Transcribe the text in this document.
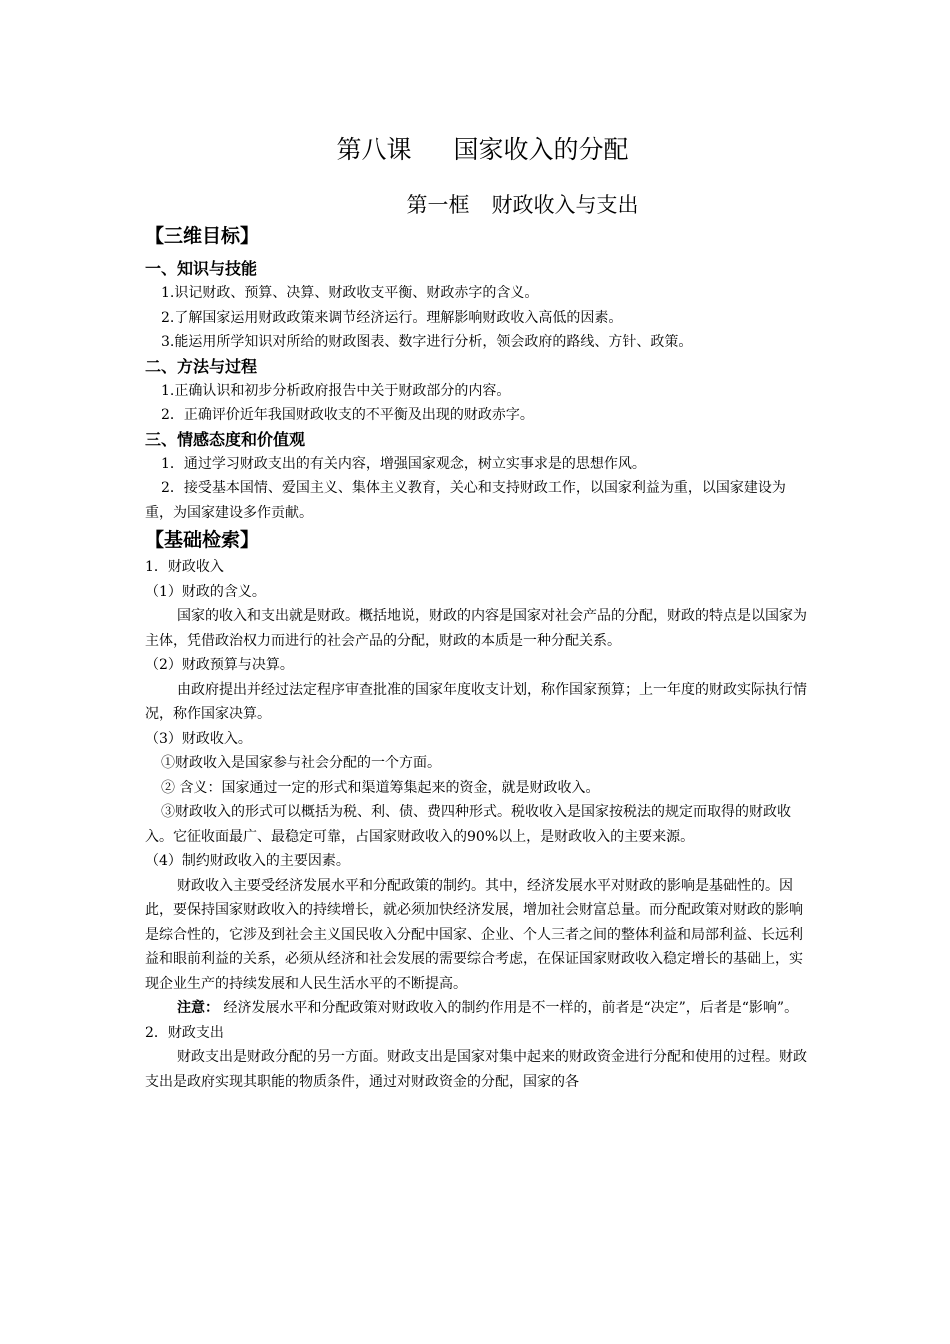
第八课 国家收入的分配
第一框 财政收入与支出
【三维目标】
一、知识与技能

1.识记财政、预算、决算、财政收支平衡、财政赤字的含义。

2.了解国家运用财政政策来调节经济运行。理解影响财政收入高低的因素。

3.能运用所学知识对所给的财政图表、数字进行分析，领会政府的路线、方针、政策。

二、方法与过程

1.正确认识和初步分析政府报告中关于财政部分的内容。

2．正确评价近年我国财政收支的不平衡及出现的财政赤字。

三、情感态度和价值观

1．通过学习财政支出的有关内容，增强国家观念，树立实事求是的思想作风。

2．接受基本国情、爱国主义、集体主义教育，关心和支持财政工作，以国家利益为重，以国家建设为重，为国家建设多作贡献。

【基础检索】

1．财政收入

（1）财政的含义。

国家的收入和支出就是财政。概括地说，财政的内容是国家对社会产品的分配，财政的特点是以国家为主体，凭借政治权力而进行的社会产品的分配，财政的本质是一种分配关系。

（2）财政预算与决算。

由政府提出并经过法定程序审查批准的国家年度收支计划，称作国家预算；上一年度的财政实际执行情况，称作国家决算。

（3）财政收入。

①财政收入是国家参与社会分配的一个方面。

② 含义：国家通过一定的形式和渠道筹集起来的资金，就是财政收入。

③财政收入的形式可以概括为税、利、债、费四种形式。税收收入是国家按税法的规定而取得的财政收入。它征收面最广、最稳定可靠，占国家财政收入的90%以上，是财政收入的主要来源。

（4）制约财政收入的主要因素。

财政收入主要受经济发展水平和分配政策的制约。其中，经济发展水平对财政的影响是基础性的。因此，要保持国家财政收入的持续增长，就必须加快经济发展，增加社会财富总量。而分配政策对财政的影响是综合性的，它涉及到社会主义国民收入分配中国家、企业、个人三者之间的整体利益和局部利益、长远利益和眼前利益的关系，必须从经济和社会发展的需要综合考虑，在保证国家财政收入稳定增长的基础上，实现企业生产的持续发展和人民生活水平的不断提高。

注意： 经济发展水平和分配政策对财政收入的制约作用是不一样的，前者是“决定”，后者是“影响”。

2．财政支出

财政支出是财政分配的另一方面。财政支出是国家对集中起来的财政资金进行分配和使用的过程。财政支出是政府实现其职能的物质条件，通过对财政资金的分配，国家的各
